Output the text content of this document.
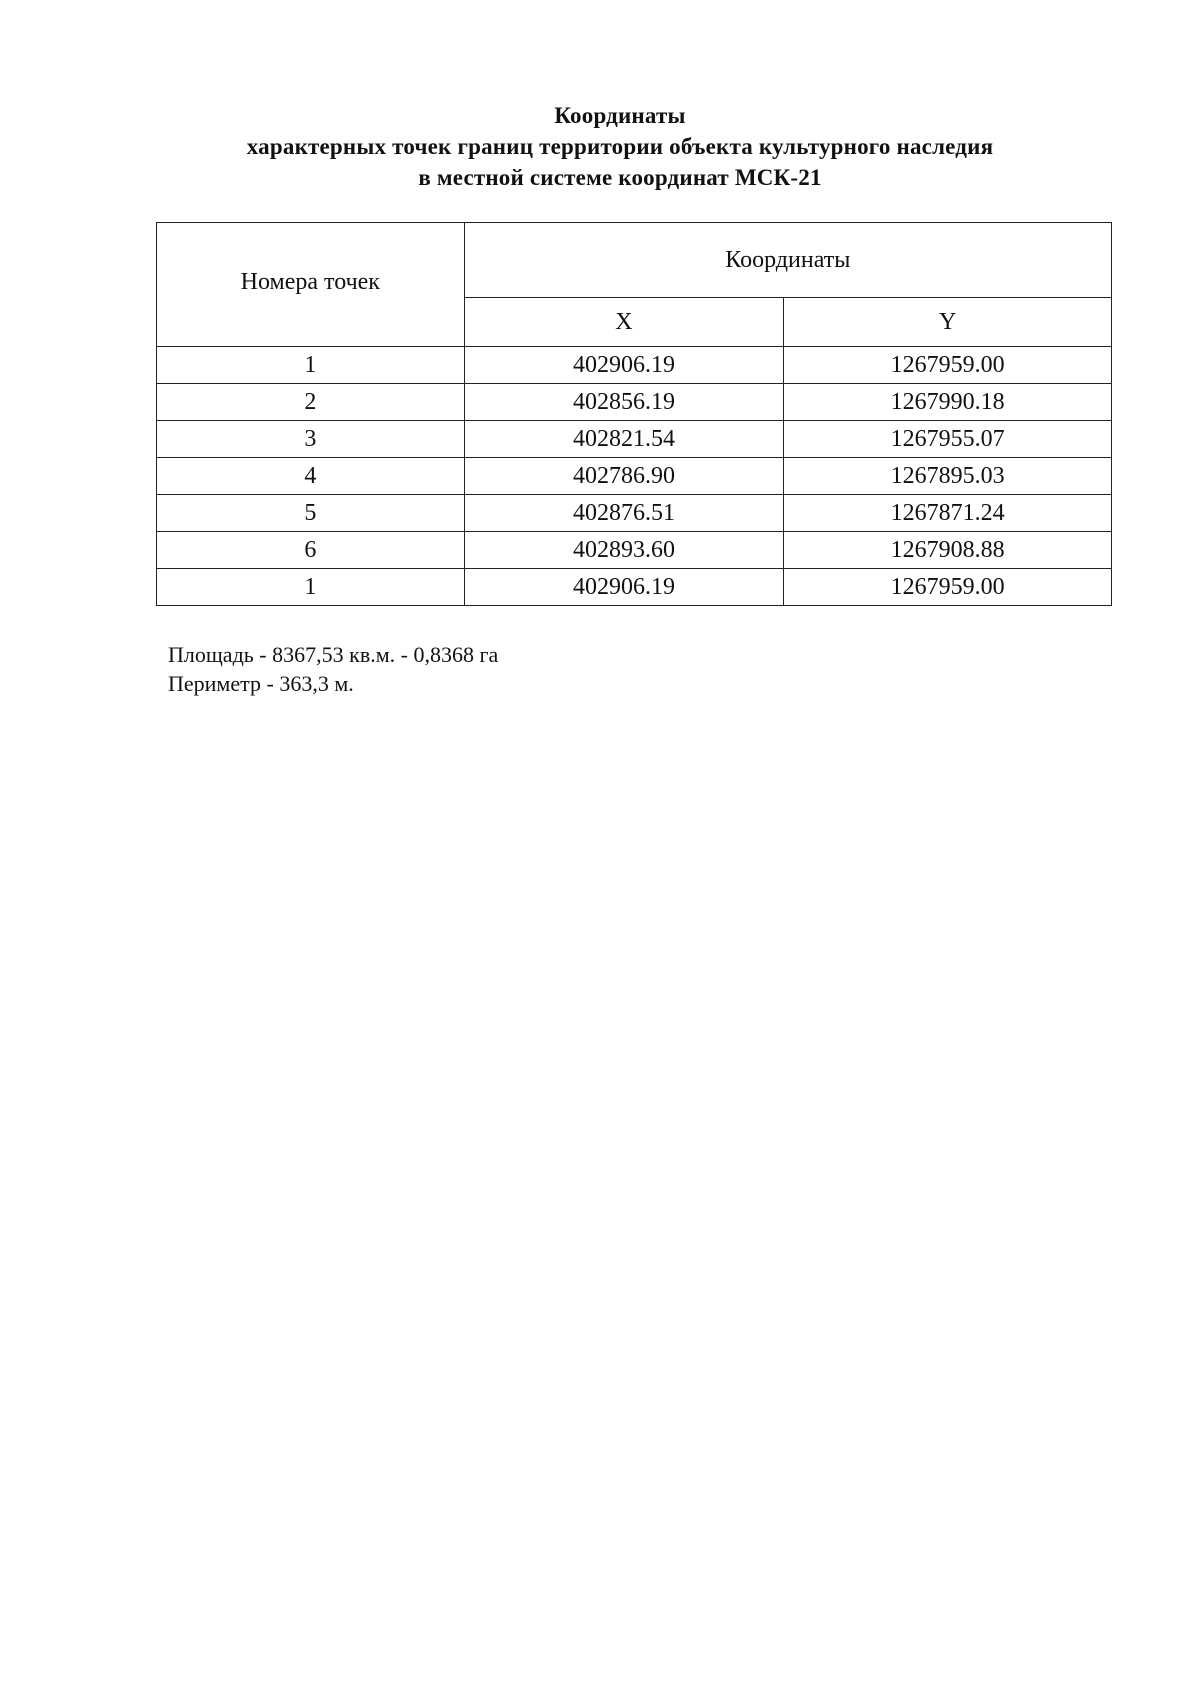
Координаты
характерных точек границ территории объекта культурного наследия
в местной системе координат МСК-21
Номера точек	Координаты	
	X	Y
1	402906.19	1267959.00
2	402856.19	1267990.18
3	402821.54	1267955.07
4	402786.90	1267895.03
5	402876.51	1267871.24
6	402893.60	1267908.88
1	402906.19	1267959.00
Площадь - 8367,53 кв.м. - 0,8368 га
Периметр - 363,3 м.
